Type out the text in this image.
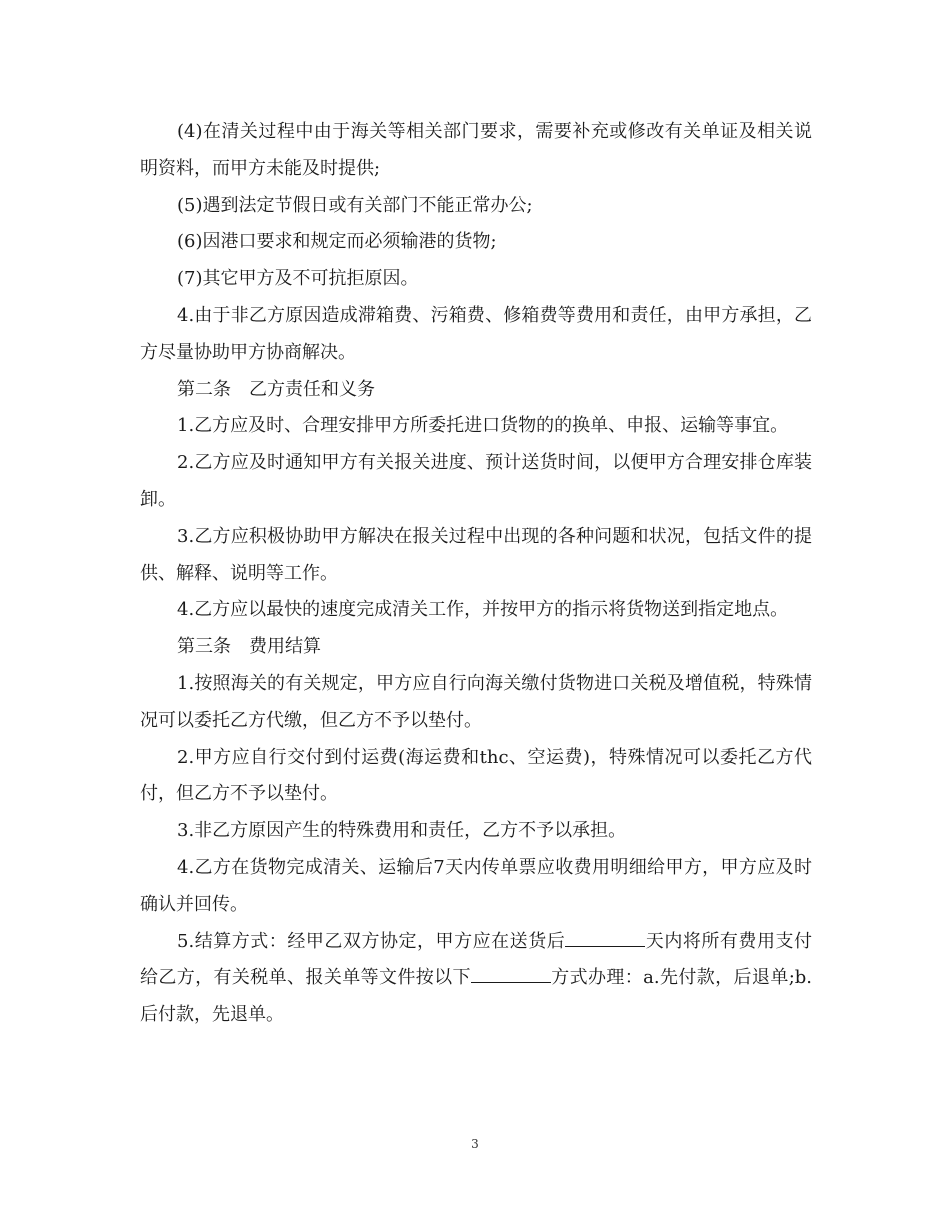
(4)在清关过程中由于海关等相关部门要求，需要补充或修改有关单证及相关说明资料，而甲方未能及时提供;

(5)遇到法定节假日或有关部门不能正常办公;

(6)因港口要求和规定而必须输港的货物;

(7)其它甲方及不可抗拒原因。

4.由于非乙方原因造成滞箱费、污箱费、修箱费等费用和责任，由甲方承担，乙方尽量协助甲方协商解决。

第二条　乙方责任和义务

1.乙方应及时、合理安排甲方所委托进口货物的的换单、申报、运输等事宜。

2.乙方应及时通知甲方有关报关进度、预计送货时间，以便甲方合理安排仓库装卸。

3.乙方应积极协助甲方解决在报关过程中出现的各种问题和状况，包括文件的提供、解释、说明等工作。

4.乙方应以最快的速度完成清关工作，并按甲方的指示将货物送到指定地点。

第三条　费用结算

1.按照海关的有关规定，甲方应自行向海关缴付货物进口关税及增值税，特殊情况可以委托乙方代缴，但乙方不予以垫付。

2.甲方应自行交付到付运费(海运费和thc、空运费)，特殊情况可以委托乙方代付，但乙方不予以垫付。

3.非乙方原因产生的特殊费用和责任，乙方不予以承担。

4.乙方在货物完成清关、运输后7天内传单票应收费用明细给甲方，甲方应及时确认并回传。

5.结算方式：经甲乙双方协定，甲方应在送货后	天内将所有费用支付给乙方，有关税单、报关单等文件按以下	方式办理：a.先付款，后退单;b.后付款，先退单。

3
